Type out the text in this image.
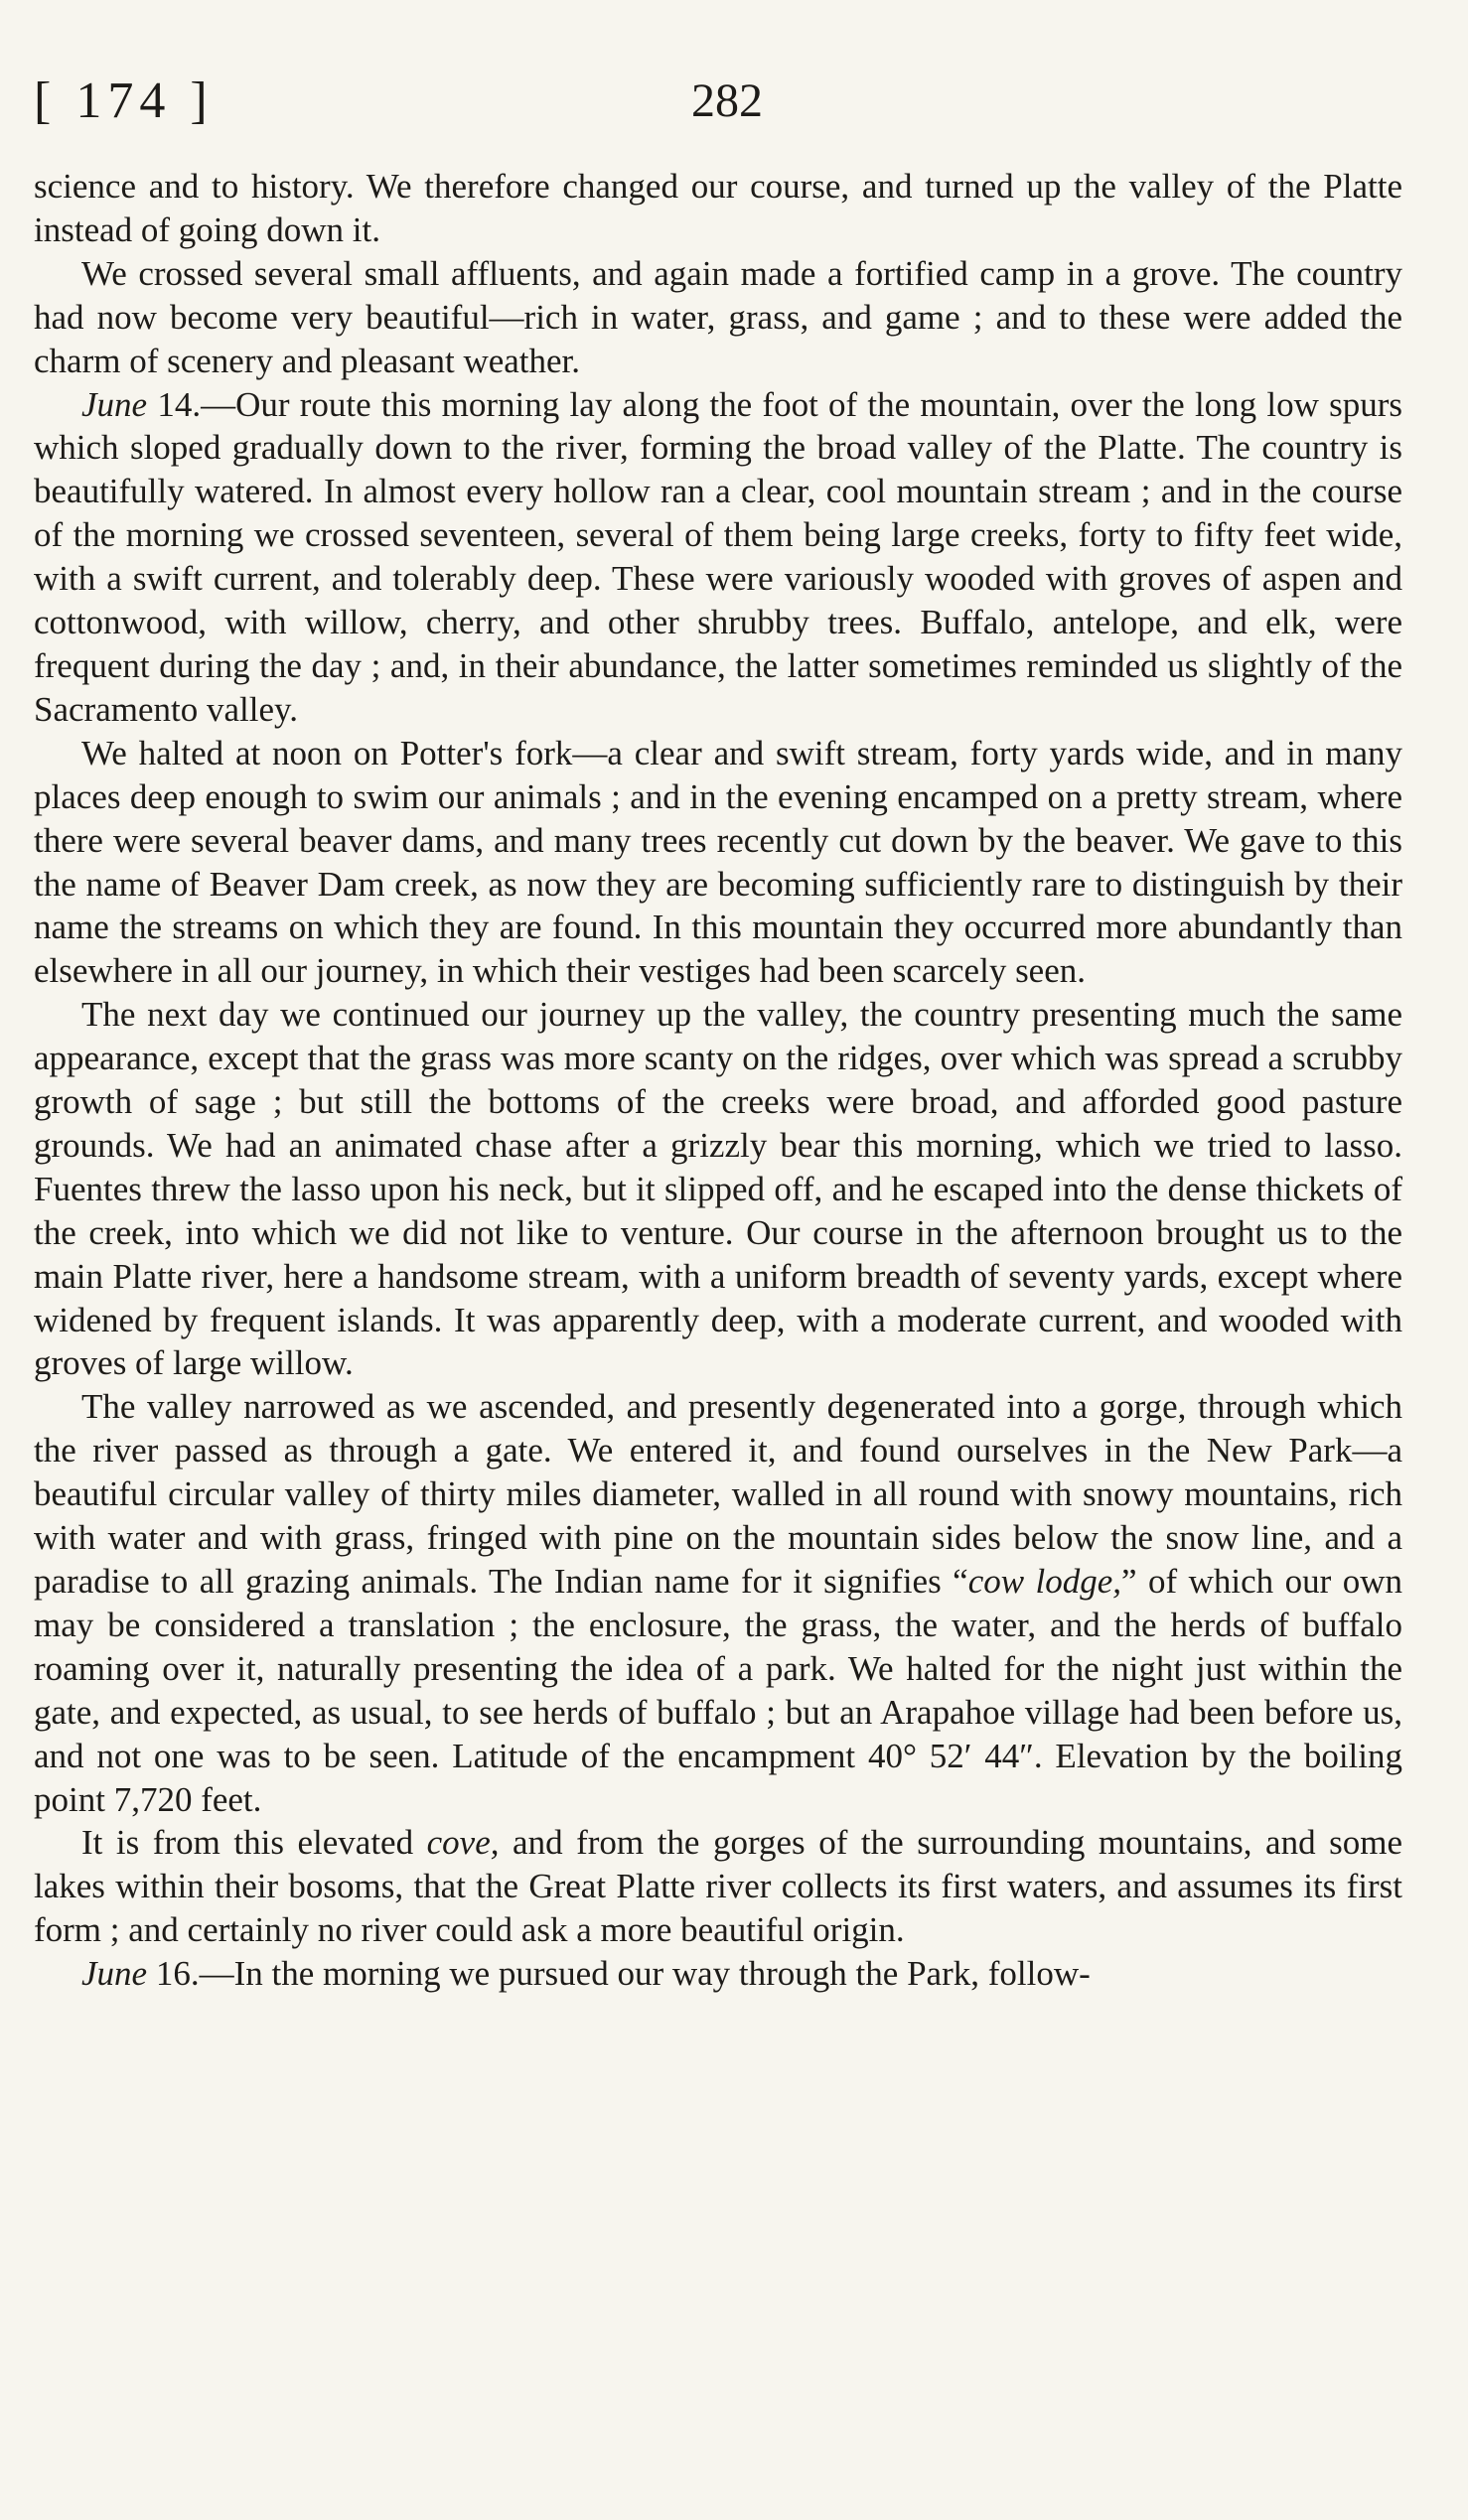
[ 174 ]	282

science and to history. We therefore changed our course, and turned up the valley of the Platte instead of going down it.

We crossed several small affluents, and again made a fortified camp in a grove. The country had now become very beautiful—rich in water, grass, and game ; and to these were added the charm of scenery and pleasant weather.

June 14.—Our route this morning lay along the foot of the mountain, over the long low spurs which sloped gradually down to the river, forming the broad valley of the Platte. The country is beautifully watered. In almost every hollow ran a clear, cool mountain stream ; and in the course of the morning we crossed seventeen, several of them being large creeks, forty to fifty feet wide, with a swift current, and tolerably deep. These were variously wooded with groves of aspen and cottonwood, with willow, cherry, and other shrubby trees. Buffalo, antelope, and elk, were frequent during the day ; and, in their abundance, the latter sometimes reminded us slightly of the Sacramento valley.

We halted at noon on Potter's fork—a clear and swift stream, forty yards wide, and in many places deep enough to swim our animals ; and in the evening encamped on a pretty stream, where there were several beaver dams, and many trees recently cut down by the beaver. We gave to this the name of Beaver Dam creek, as now they are becoming sufficiently rare to distinguish by their name the streams on which they are found. In this mountain they occurred more abundantly than elsewhere in all our journey, in which their vestiges had been scarcely seen.

The next day we continued our journey up the valley, the country presenting much the same appearance, except that the grass was more scanty on the ridges, over which was spread a scrubby growth of sage ; but still the bottoms of the creeks were broad, and afforded good pasture grounds. We had an animated chase after a grizzly bear this morning, which we tried to lasso. Fuentes threw the lasso upon his neck, but it slipped off, and he escaped into the dense thickets of the creek, into which we did not like to venture. Our course in the afternoon brought us to the main Platte river, here a handsome stream, with a uniform breadth of seventy yards, except where widened by frequent islands. It was apparently deep, with a moderate current, and wooded with groves of large willow.

The valley narrowed as we ascended, and presently degenerated into a gorge, through which the river passed as through a gate. We entered it, and found ourselves in the New Park—a beautiful circular valley of thirty miles diameter, walled in all round with snowy mountains, rich with water and with grass, fringed with pine on the mountain sides below the snow line, and a paradise to all grazing animals. The Indian name for it signifies “cow lodge,” of which our own may be considered a translation ; the enclosure, the grass, the water, and the herds of buffalo roaming over it, naturally presenting the idea of a park. We halted for the night just within the gate, and expected, as usual, to see herds of buffalo ; but an Arapahoe village had been before us, and not one was to be seen. Latitude of the encampment 40° 52′ 44″. Elevation by the boiling point 7,720 feet.

It is from this elevated cove, and from the gorges of the surrounding mountains, and some lakes within their bosoms, that the Great Platte river collects its first waters, and assumes its first form ; and certainly no river could ask a more beautiful origin.

June 16.—In the morning we pursued our way through the Park, follow-
